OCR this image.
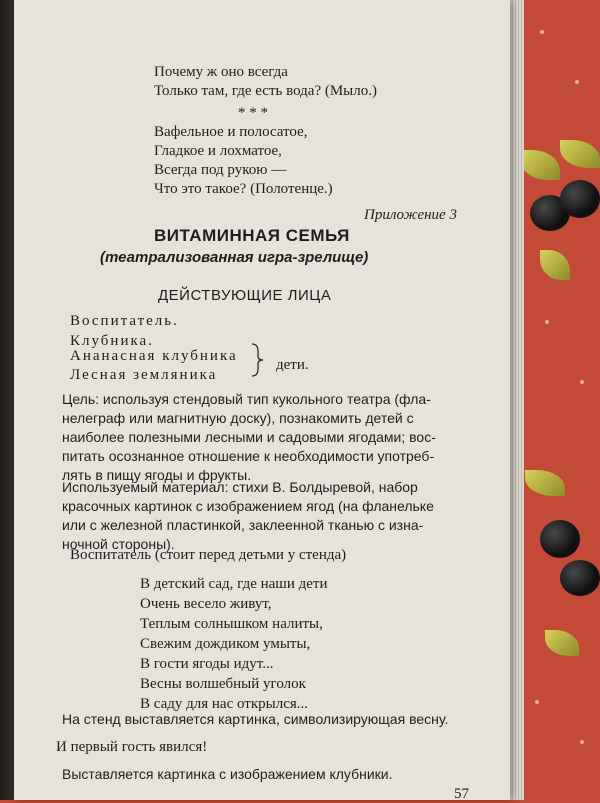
Почему ж оно всегда
Только там, где есть вода? (Мыло.)
* * *
Вафельное и полосатое,
Гладкое и лохматое,
Всегда под рукою —
Что это такое? (Полотенце.)
Приложение 3
ВИТАМИННАЯ СЕМЬЯ
(театрализованная игра-зрелище)
ДЕЙСТВУЮЩИЕ ЛИЦА
Воспитатель.
Клубника.
Ананасная клубника
Лесная земляника
дети.
Цель: используя стендовый тип кукольного театра (фла-
нелеграф или магнитную доску), познакомить детей с
наиболее полезными лесными и садовыми ягодами; вос-
питать осознанное отношение к необходимости употреб-
лять в пищу ягоды и фрукты.
Используемый материал: стихи В. Болдыревой, набор
красочных картинок с изображением ягод (на фланельке
или с железной пластинкой, заклеенной тканью с изна-
ночной стороны).
Воспитатель (стоит перед детьми у стенда)
В детский сад, где наши дети
Очень весело живут,
Теплым солнышком налиты,
Свежим дождиком умыты,
В гости ягоды идут...
Весны волшебный уголок
В саду для нас открылся...
На стенд выставляется картинка, символизирующая весну.
И первый гость явился!
Выставляется картинка с изображением клубники.
57
